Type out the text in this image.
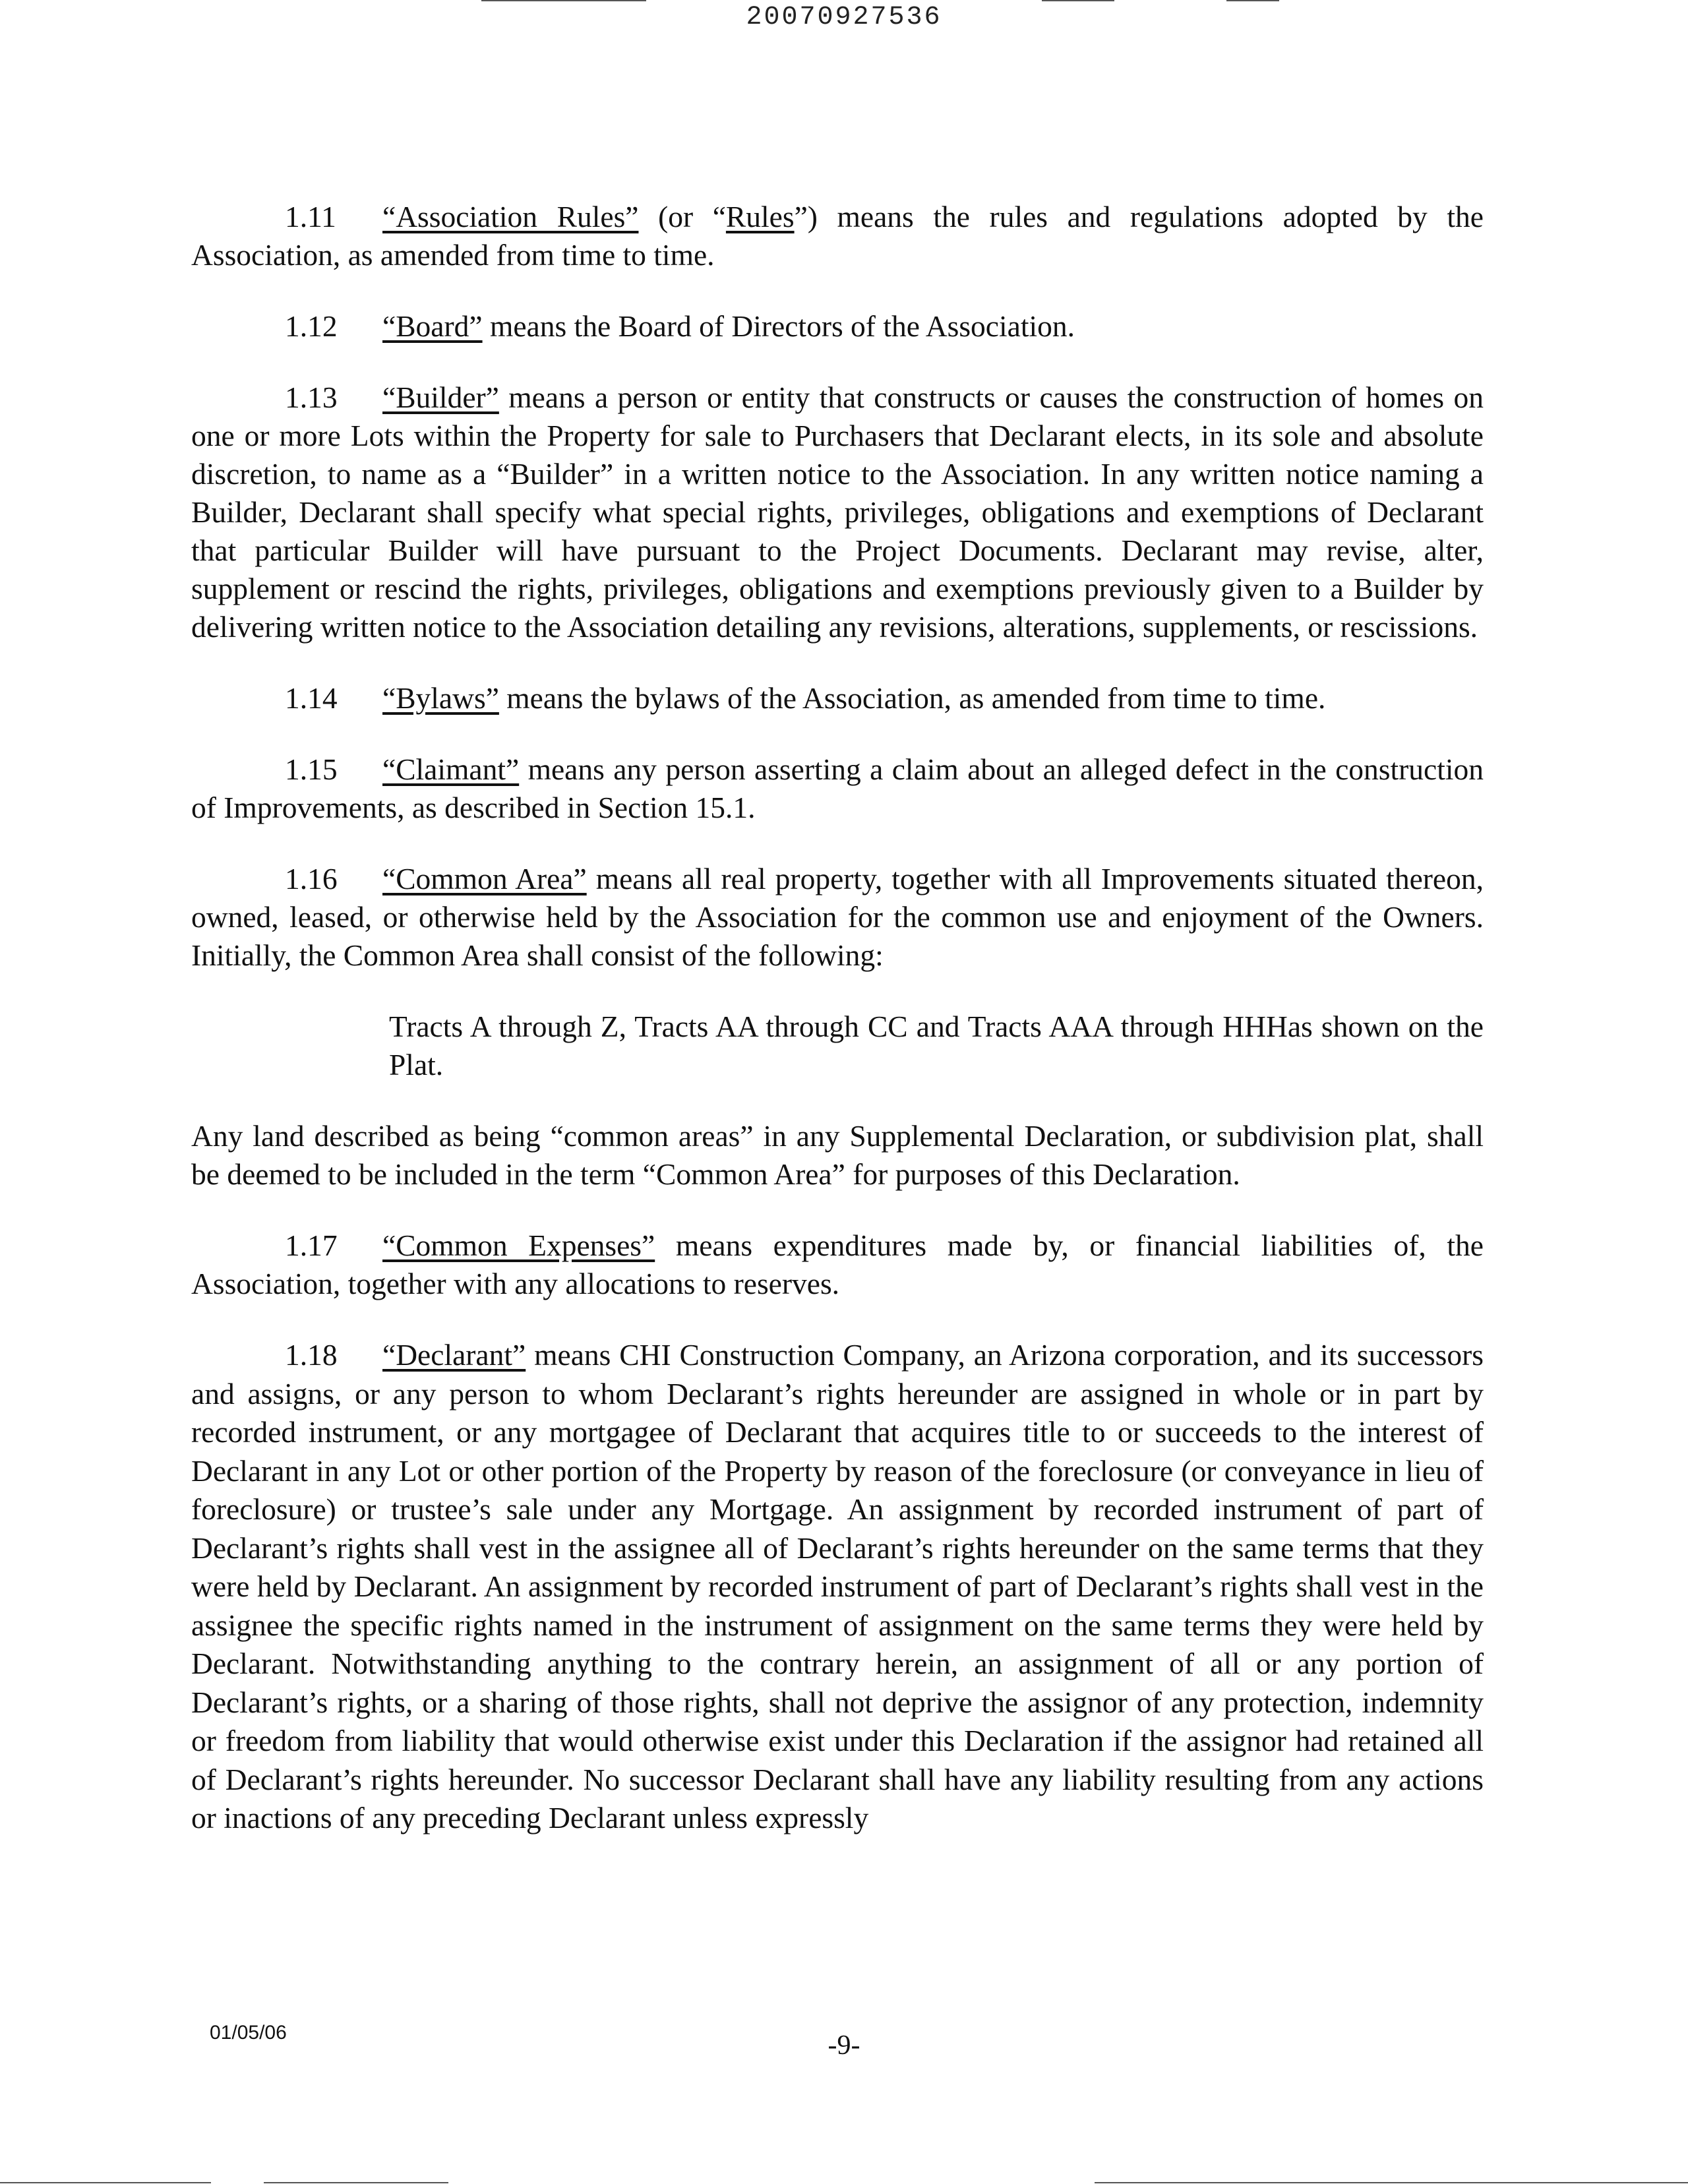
20070927536

1.11 “Association Rules” (or “Rules”) means the rules and regulations adopted by the Association, as amended from time to time.

1.12 “Board” means the Board of Directors of the Association.

1.13 “Builder” means a person or entity that constructs or causes the construction of homes on one or more Lots within the Property for sale to Purchasers that Declarant elects, in its sole and absolute discretion, to name as a “Builder” in a written notice to the Association. In any written notice naming a Builder, Declarant shall specify what special rights, privileges, obligations and exemptions of Declarant that particular Builder will have pursuant to the Project Documents. Declarant may revise, alter, supplement or rescind the rights, privileges, obligations and exemptions previously given to a Builder by delivering written notice to the Association detailing any revisions, alterations, supplements, or rescissions.

1.14 “Bylaws” means the bylaws of the Association, as amended from time to time.

1.15 “Claimant” means any person asserting a claim about an alleged defect in the construction of Improvements, as described in Section 15.1.

1.16 “Common Area” means all real property, together with all Improvements situated thereon, owned, leased, or otherwise held by the Association for the common use and enjoyment of the Owners. Initially, the Common Area shall consist of the following:

Tracts A through Z, Tracts AA through CC and Tracts AAA through HHHas shown on the Plat.

Any land described as being “common areas” in any Supplemental Declaration, or subdivision plat, shall be deemed to be included in the term “Common Area” for purposes of this Declaration.

1.17 “Common Expenses” means expenditures made by, or financial liabilities of, the Association, together with any allocations to reserves.

1.18 “Declarant” means CHI Construction Company, an Arizona corporation, and its successors and assigns, or any person to whom Declarant’s rights hereunder are assigned in whole or in part by recorded instrument, or any mortgagee of Declarant that acquires title to or succeeds to the interest of Declarant in any Lot or other portion of the Property by reason of the foreclosure (or conveyance in lieu of foreclosure) or trustee’s sale under any Mortgage. An assignment by recorded instrument of part of Declarant’s rights shall vest in the assignee all of Declarant’s rights hereunder on the same terms that they were held by Declarant. An assignment by recorded instrument of part of Declarant’s rights shall vest in the assignee the specific rights named in the instrument of assignment on the same terms they were held by Declarant. Notwithstanding anything to the contrary herein, an assignment of all or any portion of Declarant’s rights, or a sharing of those rights, shall not deprive the assignor of any protection, indemnity or freedom from liability that would otherwise exist under this Declaration if the assignor had retained all of Declarant’s rights hereunder. No successor Declarant shall have any liability resulting from any actions or inactions of any preceding Declarant unless expressly

01/05/06	-9-
